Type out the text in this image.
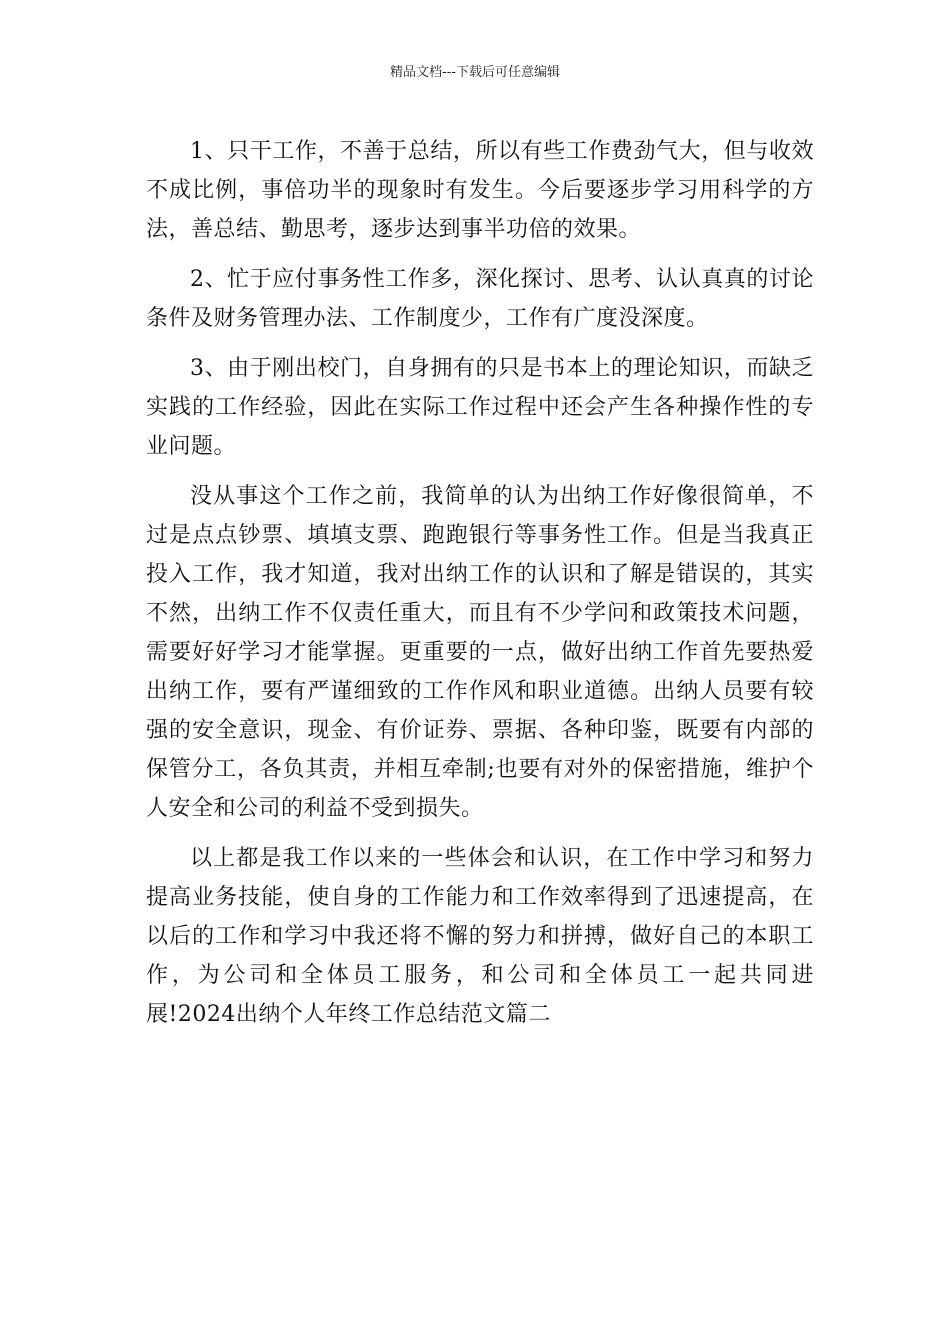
精品文档---下载后可任意编辑

1、只干工作，不善于总结，所以有些工作费劲气大，但与收效不成比例，事倍功半的现象时有发生。今后要逐步学习用科学的方法，善总结、勤思考，逐步达到事半功倍的效果。

2、忙于应付事务性工作多，深化探讨、思考、认认真真的讨论条件及财务管理办法、工作制度少，工作有广度没深度。

3、由于刚出校门，自身拥有的只是书本上的理论知识，而缺乏实践的工作经验，因此在实际工作过程中还会产生各种操作性的专业问题。

没从事这个工作之前，我简单的认为出纳工作好像很简单，不过是点点钞票、填填支票、跑跑银行等事务性工作。但是当我真正投入工作，我才知道，我对出纳工作的认识和了解是错误的，其实不然，出纳工作不仅责任重大，而且有不少学问和政策技术问题，需要好好学习才能掌握。更重要的一点，做好出纳工作首先要热爱出纳工作，要有严谨细致的工作作风和职业道德。出纳人员要有较强的安全意识，现金、有价证券、票据、各种印鉴，既要有内部的保管分工，各负其责，并相互牵制;也要有对外的保密措施，维护个人安全和公司的利益不受到损失。

以上都是我工作以来的一些体会和认识，在工作中学习和努力提高业务技能，使自身的工作能力和工作效率得到了迅速提高，在以后的工作和学习中我还将不懈的努力和拼搏，做好自己的本职工作，为公司和全体员工服务，和公司和全体员工一起共同进展!2024出纳个人年终工作总结范文篇二
